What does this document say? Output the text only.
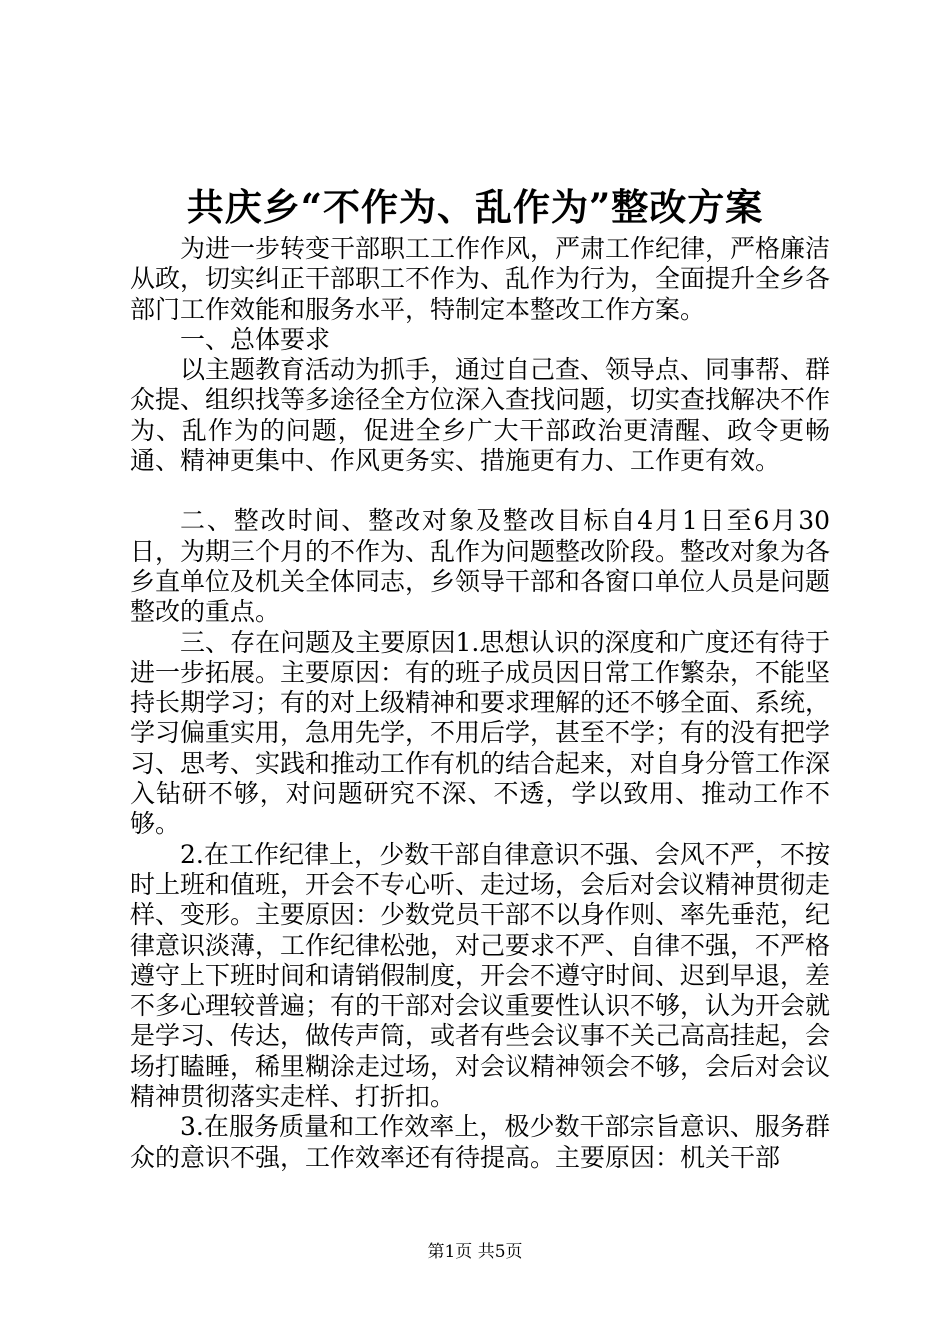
共庆乡“不作为、乱作为”整改方案

为进一步转变干部职工工作作风，严肃工作纪律，严格廉洁从政，切实纠正干部职工不作为、乱作为行为，全面提升全乡各部门工作效能和服务水平，特制定本整改工作方案。

一、总体要求

以主题教育活动为抓手，通过自己查、领导点、同事帮、群众提、组织找等多途径全方位深入查找问题，切实查找解决不作为、乱作为的问题，促进全乡广大干部政治更清醒、政令更畅通、精神更集中、作风更务实、措施更有力、工作更有效。

二、整改时间、整改对象及整改目标自4月1日至6月30日，为期三个月的不作为、乱作为问题整改阶段。整改对象为各乡直单位及机关全体同志，乡领导干部和各窗口单位人员是问题整改的重点。

三、存在问题及主要原因1.思想认识的深度和广度还有待于进一步拓展。主要原因：有的班子成员因日常工作繁杂，不能坚持长期学习；有的对上级精神和要求理解的还不够全面、系统，学习偏重实用，急用先学，不用后学，甚至不学；有的没有把学习、思考、实践和推动工作有机的结合起来，对自身分管工作深入钻研不够，对问题研究不深、不透，学以致用、推动工作不够。

2.在工作纪律上，少数干部自律意识不强、会风不严，不按时上班和值班，开会不专心听、走过场，会后对会议精神贯彻走样、变形。主要原因：少数党员干部不以身作则、率先垂范，纪律意识淡薄，工作纪律松弛，对己要求不严、自律不强，不严格遵守上下班时间和请销假制度，开会不遵守时间、迟到早退，差不多心理较普遍；有的干部对会议重要性认识不够，认为开会就是学习、传达，做传声筒，或者有些会议事不关己高高挂起，会场打瞌睡，稀里糊涂走过场，对会议精神领会不够，会后对会议精神贯彻落实走样、打折扣。

3.在服务质量和工作效率上，极少数干部宗旨意识、服务群众的意识不强，工作效率还有待提高。主要原因：机关干部

第1页 共5页
